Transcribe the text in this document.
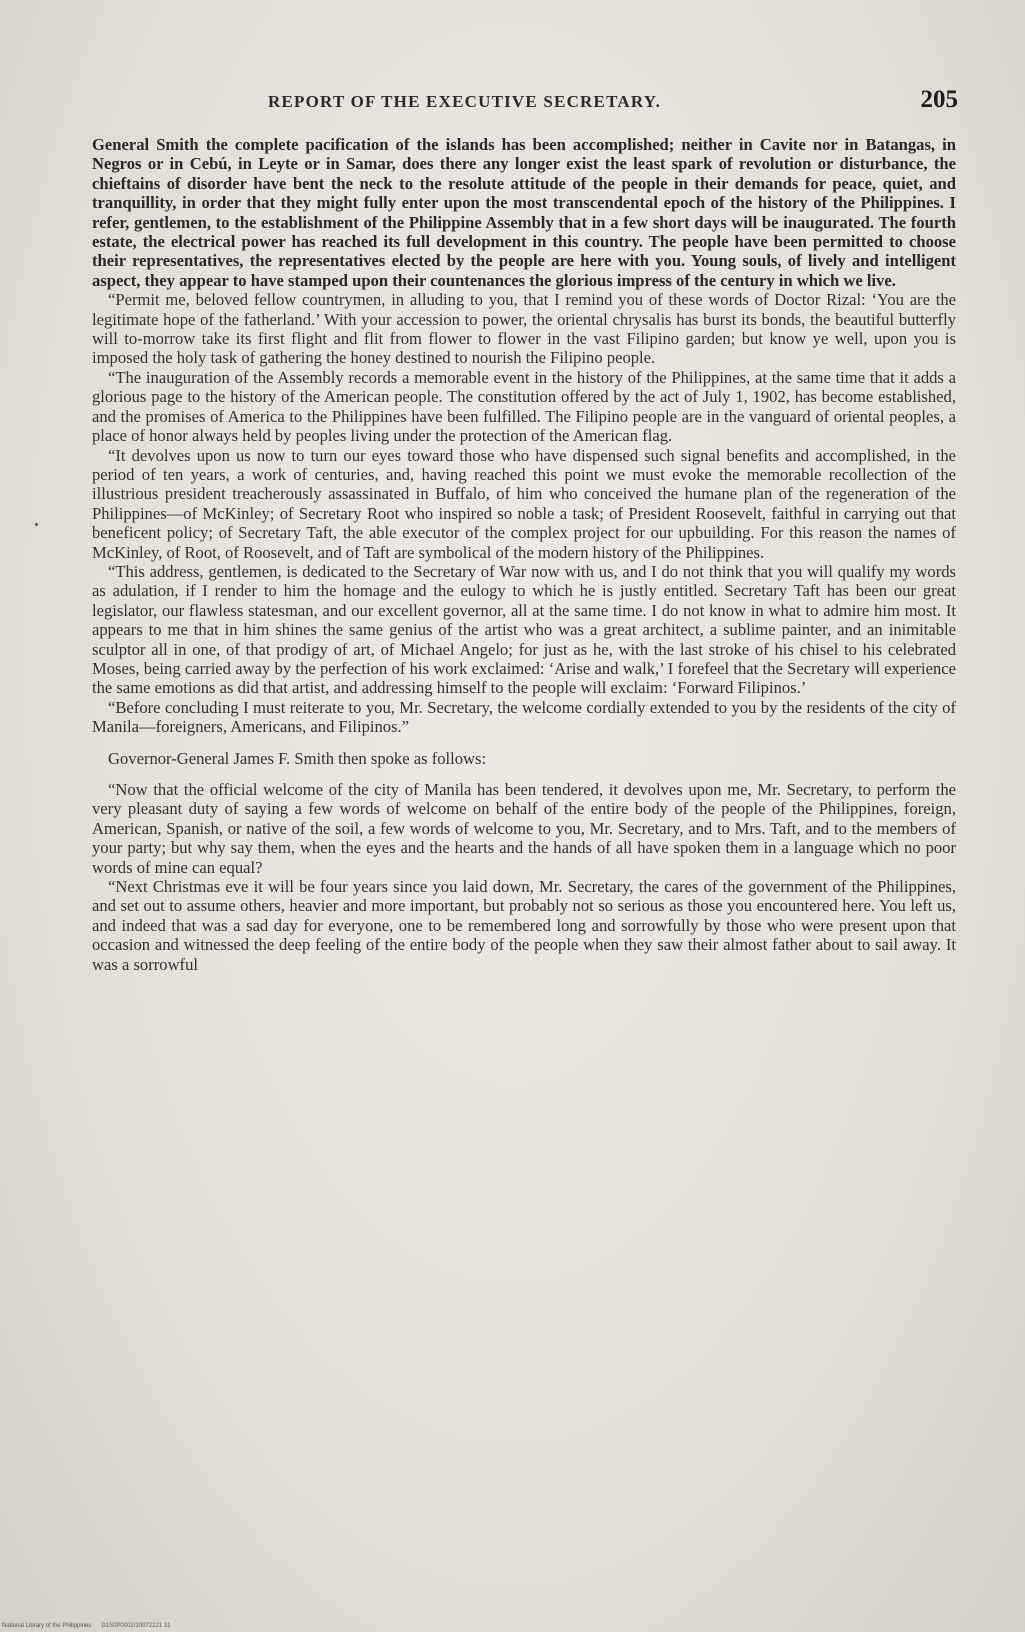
REPORT OF THE EXECUTIVE SECRETARY.	205

General Smith the complete pacification of the islands has been accomplished; neither in Cavite nor in Batangas, in Negros or in Cebú, in Leyte or in Samar, does there any longer exist the least spark of revolution or disturbance, the chieftains of disorder have bent the neck to the resolute attitude of the people in their demands for peace, quiet, and tranquillity, in order that they might fully enter upon the most transcendental epoch of the history of the Philippines. I refer, gentlemen, to the establishment of the Philippine Assembly that in a few short days will be inaugurated. The fourth estate, the electrical power has reached its full development in this country. The people have been permitted to choose their representatives, the representatives elected by the people are here with you. Young souls, of lively and intelligent aspect, they appear to have stamped upon their countenances the glorious impress of the century in which we live.

“Permit me, beloved fellow countrymen, in alluding to you, that I remind you of these words of Doctor Rizal: ‘You are the legitimate hope of the fatherland.’ With your accession to power, the oriental chrysalis has burst its bonds, the beautiful butterfly will to-morrow take its first flight and flit from flower to flower in the vast Filipino garden; but know ye well, upon you is imposed the holy task of gathering the honey destined to nourish the Filipino people.

“The inauguration of the Assembly records a memorable event in the history of the Philippines, at the same time that it adds a glorious page to the history of the American people. The constitution offered by the act of July 1, 1902, has become established, and the promises of America to the Philippines have been fulfilled. The Filipino people are in the vanguard of oriental peoples, a place of honor always held by peoples living under the protection of the American flag.

“It devolves upon us now to turn our eyes toward those who have dispensed such signal benefits and accomplished, in the period of ten years, a work of centuries, and, having reached this point we must evoke the memorable recollection of the illustrious president treacherously assassinated in Buffalo, of him who conceived the humane plan of the regeneration of the Philippines—of McKinley; of Secretary Root who inspired so noble a task; of President Roosevelt, faithful in carrying out that beneficent policy; of Secretary Taft, the able executor of the complex project for our upbuilding. For this reason the names of McKinley, of Root, of Roosevelt, and of Taft are symbolical of the modern history of the Philippines.

“This address, gentlemen, is dedicated to the Secretary of War now with us, and I do not think that you will qualify my words as adulation, if I render to him the homage and the eulogy to which he is justly entitled. Secretary Taft has been our great legislator, our flawless statesman, and our excellent governor, all at the same time. I do not know in what to admire him most. It appears to me that in him shines the same genius of the artist who was a great architect, a sublime painter, and an inimitable sculptor all in one, of that prodigy of art, of Michael Angelo; for just as he, with the last stroke of his chisel to his celebrated Moses, being carried away by the perfection of his work exclaimed: ‘Arise and walk,’ I forefeel that the Secretary will experience the same emotions as did that artist, and addressing himself to the people will exclaim: ‘Forward Filipinos.’

“Before concluding I must reiterate to you, Mr. Secretary, the welcome cordially extended to you by the residents of the city of Manila—foreigners, Americans, and Filipinos.”

Governor-General James F. Smith then spoke as follows:

“Now that the official welcome of the city of Manila has been tendered, it devolves upon me, Mr. Secretary, to perform the very pleasant duty of saying a few words of welcome on behalf of the entire body of the people of the Philippines, foreign, American, Spanish, or native of the soil, a few words of welcome to you, Mr. Secretary, and to Mrs. Taft, and to the members of your party; but why say them, when the eyes and the hearts and the hands of all have spoken them in a language which no poor words of mine can equal?

“Next Christmas eve it will be four years since you laid down, Mr. Secretary, the cares of the government of the Philippines, and set out to assume others, heavier and more important, but probably not so serious as those you encountered here. You left us, and indeed that was a sad day for everyone, one to be remembered long and sorrowfully by those who were present upon that occasion and witnessed the deep feeling of the entire body of the people when they saw their almost father about to sail away. It was a sorrowful

National Library of the Philippines D1S0P0002/10072221 31
